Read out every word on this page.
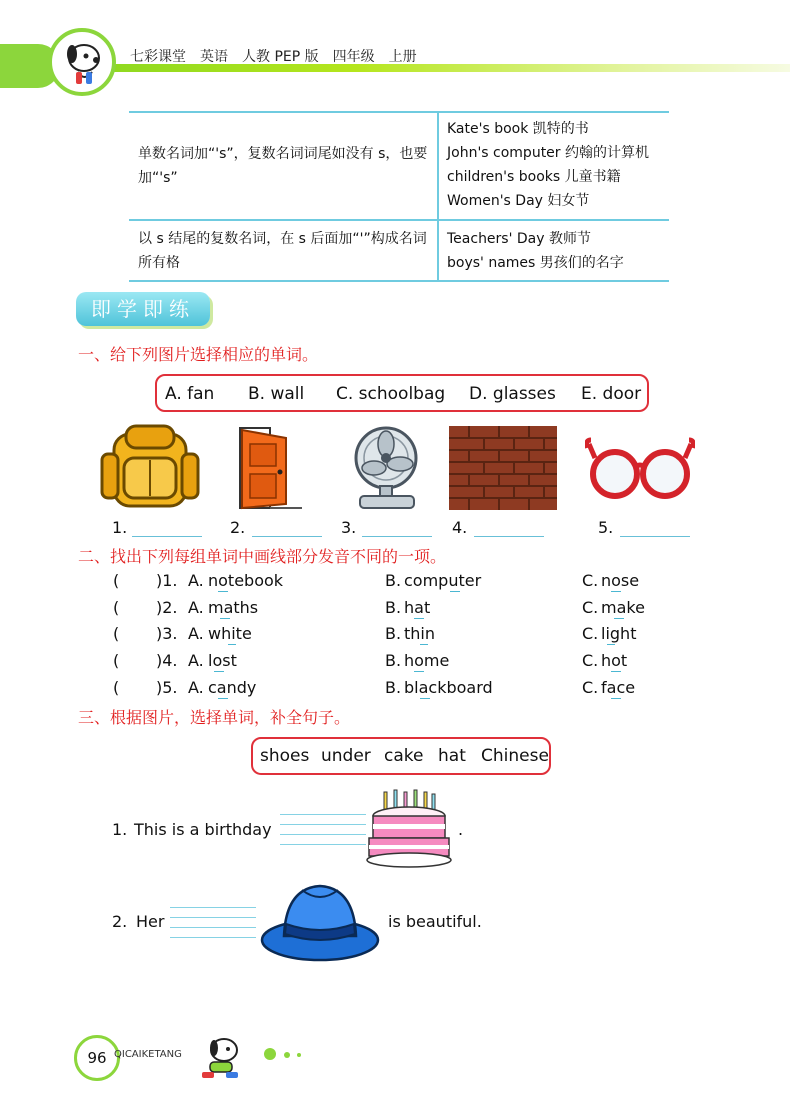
七彩课堂　英语　人教 PEP 版　四年级　上册
单数名词加“'s”，复数名词词尾如没有 s，也要加“'s”
Kate's book 凯特的书
John's computer 约翰的计算机
children's books 儿童书籍
Women's Day 妇女节
以 s 结尾的复数名词，在 s 后面加“'”构成名词所有格
Teachers' Day 教师节
boys' names 男孩们的名字
即学即练
一、给下列图片选择相应的单词。
A. fan B. wall C. schoolbag D. glasses E. door
1.	2.	3.	4.	5.
二、找出下列每组单词中画线部分发音不同的一项。
( )1. A. notebook	B. computer	C. nose
( )2. A. maths	B. hat	C. make
( )3. A. white	B. thin	C. light
( )4. A. lost	B. home	C. hot
( )5. A. candy	B. blackboard	C. face
三、根据图片，选择单词，补全句子。
shoes under cake hat Chinese
1. This is a birthday	.
2. Her	is beautiful.
96 QICAIKETANG
